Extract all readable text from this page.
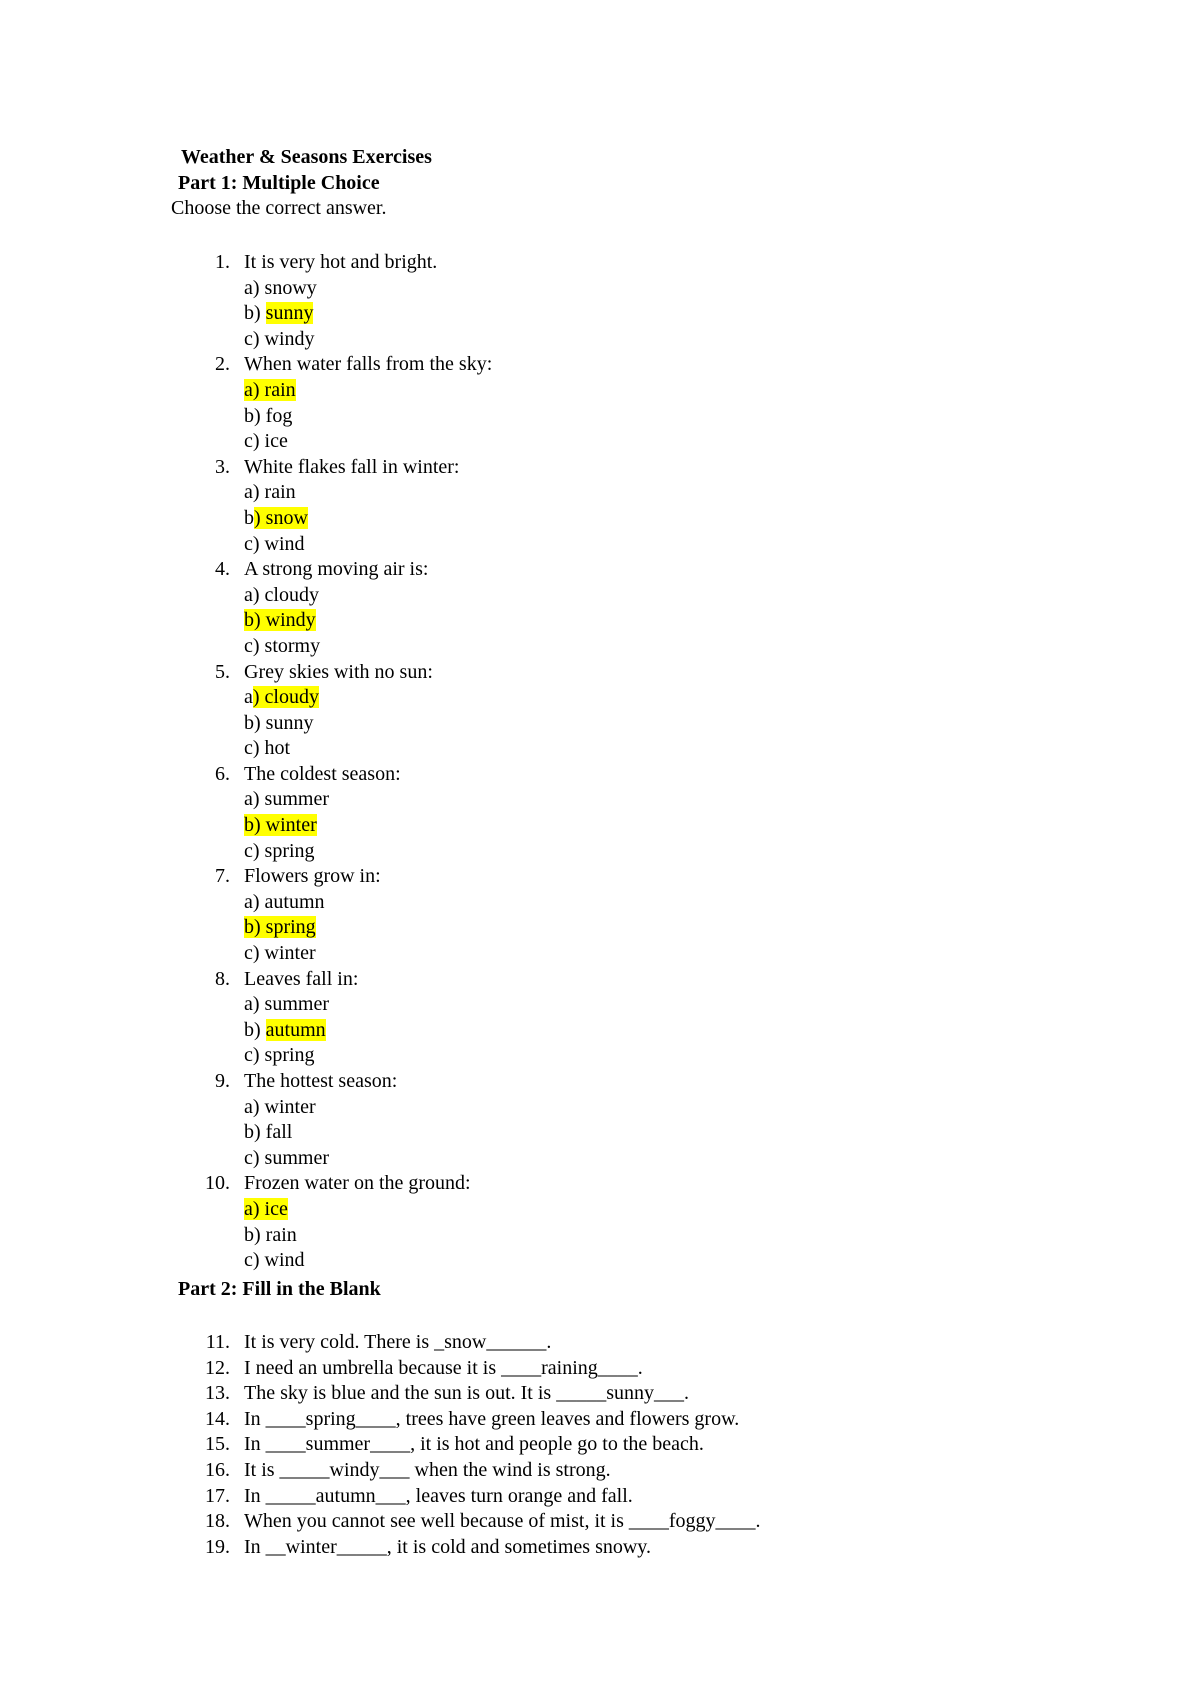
Weather & Seasons Exercises
Part 1: Multiple Choice
Choose the correct answer.
1. It is very hot and bright.
a) snowy
b) sunny
c) windy
2. When water falls from the sky:
a) rain
b) fog
c) ice
3. White flakes fall in winter:
a) rain
b) snow
c) wind
4. A strong moving air is:
a) cloudy
b) windy
c) stormy
5. Grey skies with no sun:
a) cloudy
b) sunny
c) hot
6. The coldest season:
a) summer
b) winter
c) spring
7. Flowers grow in:
a) autumn
b) spring
c) winter
8. Leaves fall in:
a) summer
b) autumn
c) spring
9. The hottest season:
a) winter
b) fall
c) summer
10. Frozen water on the ground:
a) ice
b) rain
c) wind
Part 2: Fill in the Blank
11. It is very cold. There is _snow______.
12. I need an umbrella because it is ____raining____.
13. The sky is blue and the sun is out. It is _____sunny___.
14. In ____spring____, trees have green leaves and flowers grow.
15. In ____summer____, it is hot and people go to the beach.
16. It is _____windy___ when the wind is strong.
17. In _____autumn___, leaves turn orange and fall.
18. When you cannot see well because of mist, it is ____foggy____.
19. In __winter_____, it is cold and sometimes snowy.
